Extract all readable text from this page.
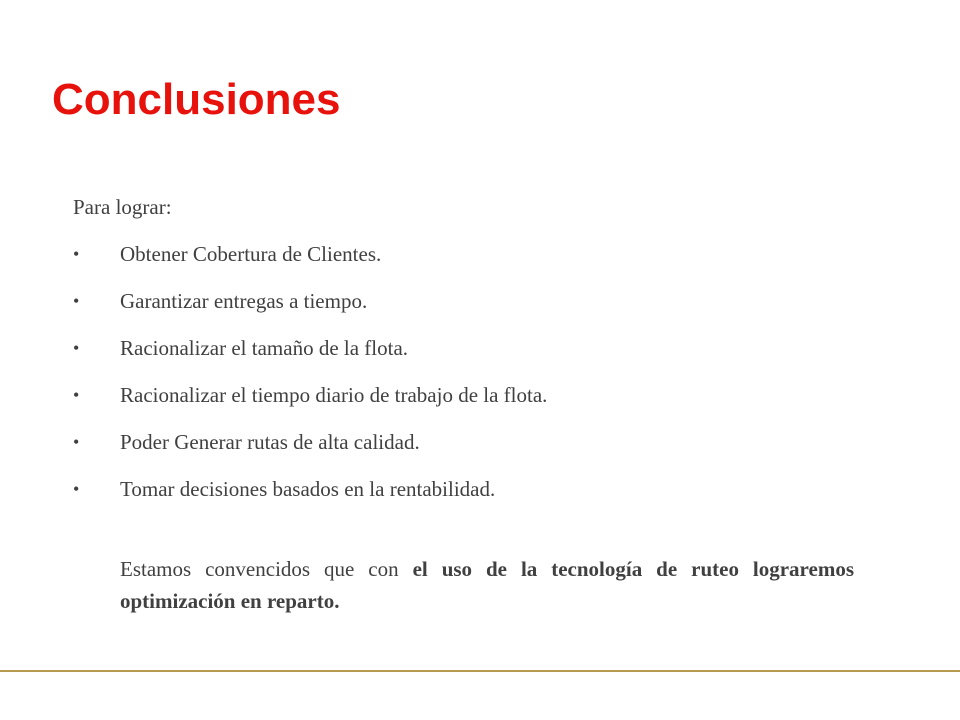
Conclusiones
Para lograr:
•	Obtener Cobertura de Clientes.
•	Garantizar entregas a tiempo.
•	Racionalizar el tamaño de la flota.
•	Racionalizar el tiempo diario de trabajo de la flota.
•	Poder Generar rutas de alta calidad.
•	Tomar decisiones basados en la rentabilidad.

Estamos convencidos que con el uso de la tecnología de ruteo lograremos optimización en reparto.
